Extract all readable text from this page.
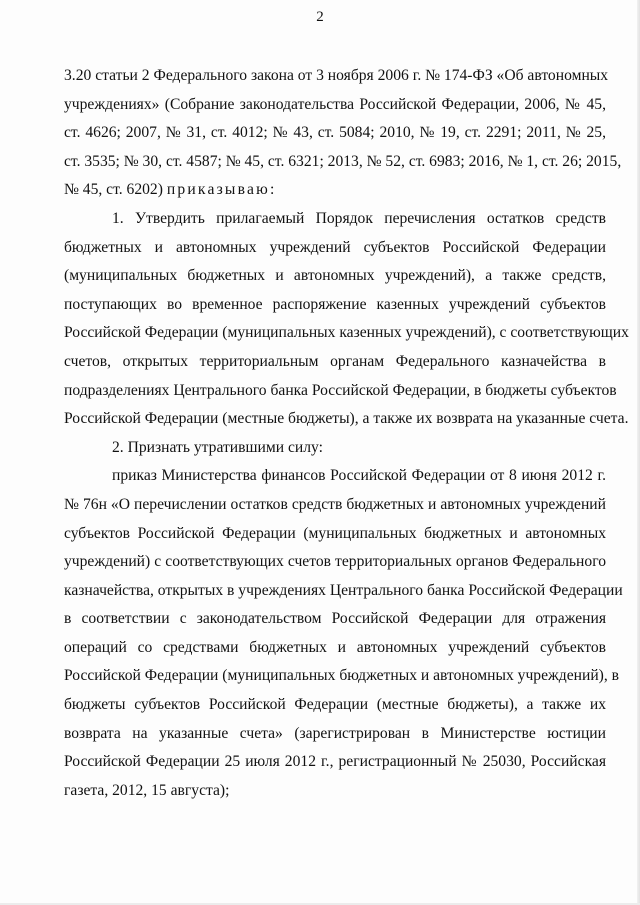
2
3.20 статьи 2 Федерального закона от 3 ноября 2006 г. № 174-ФЗ «Об автономных
учреждениях» (Собрание законодательства Российской Федерации, 2006, № 45,
ст. 4626; 2007, № 31, ст. 4012; № 43, ст. 5084; 2010, № 19, ст. 2291; 2011, № 25,
ст. 3535; № 30, ст. 4587; № 45, ст. 6321; 2013, № 52, ст. 6983; 2016, № 1, ст. 26; 2015,
№ 45, ст. 6202) приказываю:
1. Утвердить прилагаемый Порядок перечисления остатков средств
бюджетных и автономных учреждений субъектов Российской Федерации
(муниципальных бюджетных и автономных учреждений), а также средств,
поступающих во временное распоряжение казенных учреждений субъектов
Российской Федерации (муниципальных казенных учреждений), с соответствующих
счетов, открытых территориальным органам Федерального казначейства в
подразделениях Центрального банка Российской Федерации, в бюджеты субъектов
Российской Федерации (местные бюджеты), а также их возврата на указанные счета.
2. Признать утратившими силу:
приказ Министерства финансов Российской Федерации от 8 июня 2012 г.
№ 76н «О перечислении остатков средств бюджетных и автономных учреждений
субъектов Российской Федерации (муниципальных бюджетных и автономных
учреждений) с соответствующих счетов территориальных органов Федерального
казначейства, открытых в учреждениях Центрального банка Российской Федерации
в соответствии с законодательством Российской Федерации для отражения
операций со средствами бюджетных и автономных учреждений субъектов
Российской Федерации (муниципальных бюджетных и автономных учреждений), в
бюджеты субъектов Российской Федерации (местные бюджеты), а также их
возврата на указанные счета» (зарегистрирован в Министерстве юстиции
Российской Федерации 25 июля 2012 г., регистрационный № 25030, Российская
газета, 2012, 15 августа);
